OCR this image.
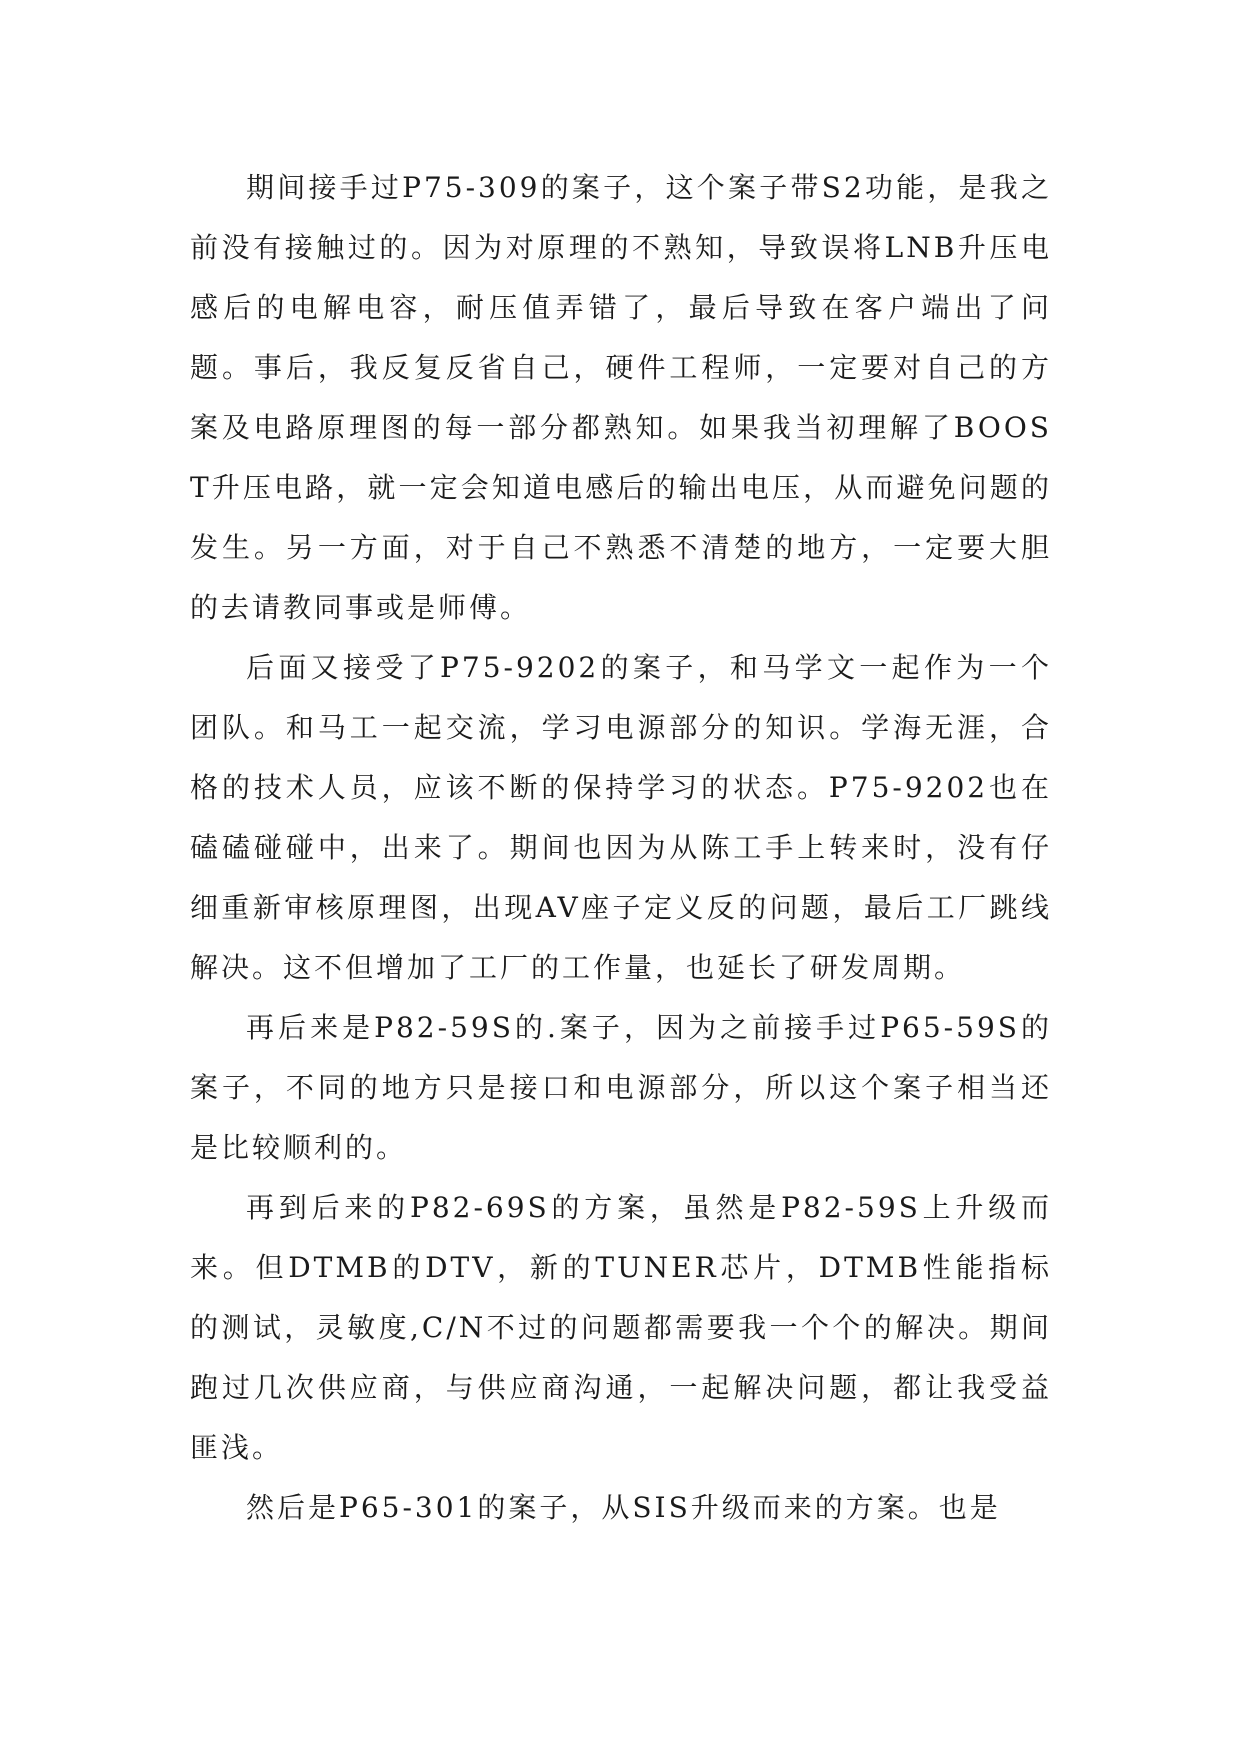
期间接手过P75-309的案子，这个案子带S2功能，是我之前没有接触过的。因为对原理的不熟知，导致误将LNB升压电感后的电解电容，耐压值弄错了，最后导致在客户端出了问题。事后，我反复反省自己，硬件工程师，一定要对自己的方案及电路原理图的每一部分都熟知。如果我当初理解了BOOST升压电路，就一定会知道电感后的输出电压，从而避免问题的发生。另一方面，对于自己不熟悉不清楚的地方，一定要大胆的去请教同事或是师傅。

后面又接受了P75-9202的案子，和马学文一起作为一个团队。和马工一起交流，学习电源部分的知识。学海无涯，合格的技术人员，应该不断的保持学习的状态。P75-9202也在磕磕碰碰中，出来了。期间也因为从陈工手上转来时，没有仔细重新审核原理图，出现AV座子定义反的问题，最后工厂跳线解决。这不但增加了工厂的工作量，也延长了研发周期。

再后来是P82-59S的.案子，因为之前接手过P65-59S的案子，不同的地方只是接口和电源部分，所以这个案子相当还是比较顺利的。

再到后来的P82-69S的方案，虽然是P82-59S上升级而来。但DTMB的DTV，新的TUNER芯片，DTMB性能指标的测试，灵敏度,C/N不过的问题都需要我一个个的解决。期间跑过几次供应商，与供应商沟通，一起解决问题，都让我受益匪浅。

然后是P65-301的案子，从SIS升级而来的方案。也是
